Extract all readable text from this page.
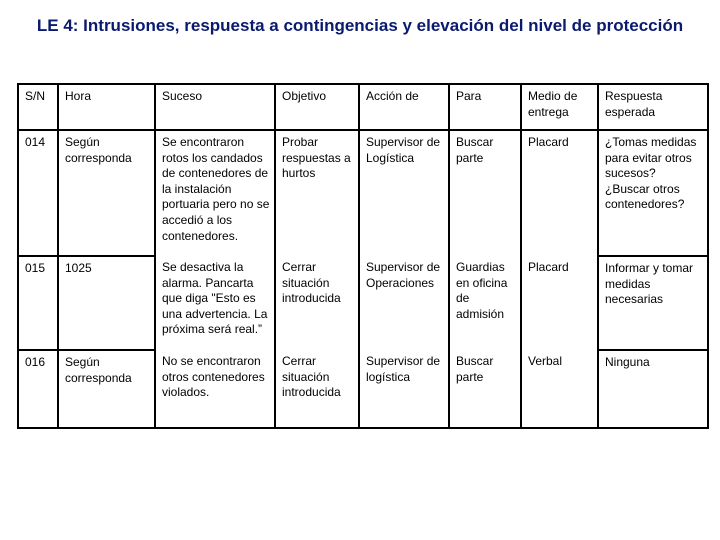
LE 4: Intrusiones, respuesta a contingencias y elevación del nivel de protección
S/N	Hora	Suceso	Objetivo	Acción de	Para	Medio de entrega	Respuesta esperada
014	Según corresponda	Se encontraron rotos los candados de contenedores de la instalación portuaria pero no se accedió a los contenedores.	Probar respuestas a hurtos	Supervisor de Logística	Buscar parte	Placard	¿Tomas medidas para evitar otros sucesos? ¿Buscar otros contenedores?
015	1025	Se desactiva la alarma. Pancarta que diga "Esto es una advertencia. La próxima será real.”	Cerrar situación introducida	Supervisor de Operaciones	Guardias en oficina de admisión	Placard	Informar y tomar medidas necesarias
016	Según corresponda	No se encontraron otros contenedores violados.	Cerrar situación introducida	Supervisor de logística	Buscar parte	Verbal	Ninguna
